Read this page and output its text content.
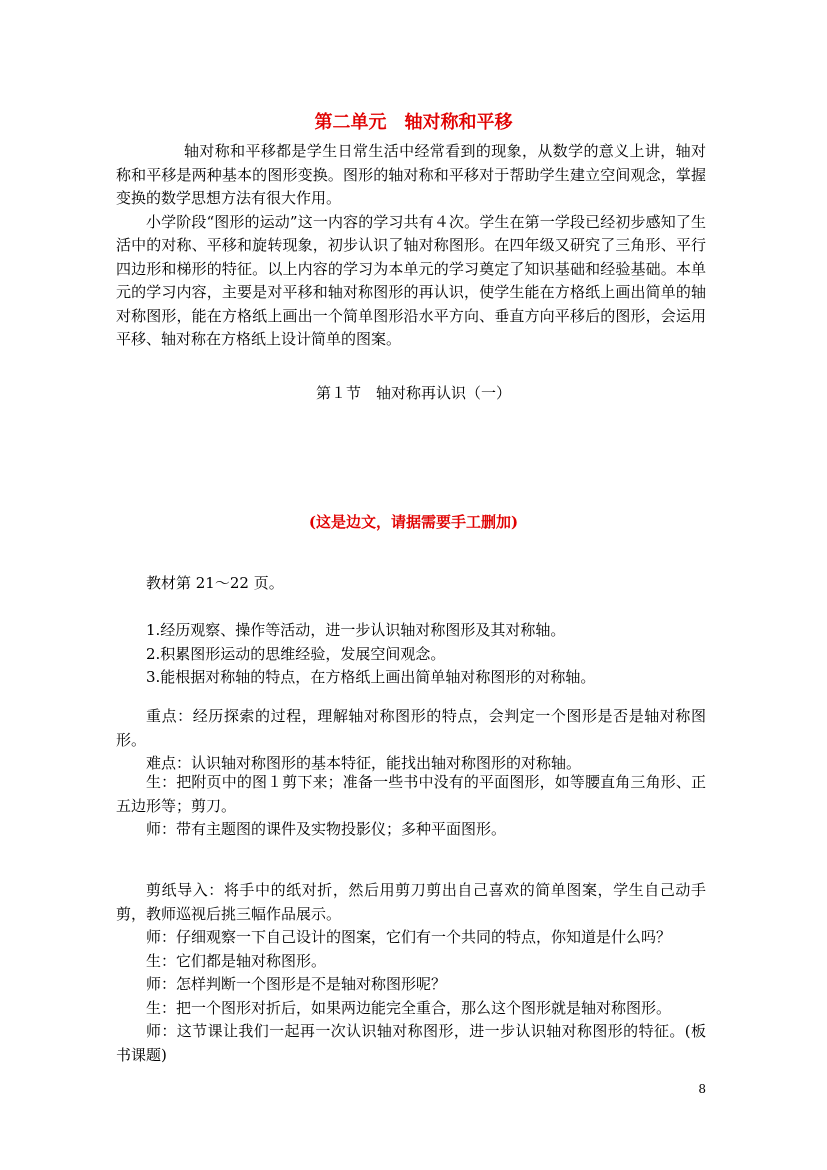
第二单元　轴对称和平移

轴对称和平移都是学生日常生活中经常看到的现象，从数学的意义上讲，轴对称和平移是两种基本的图形变换。图形的轴对称和平移对于帮助学生建立空间观念，掌握变换的数学思想方法有很大作用。

小学阶段“图形的运动”这一内容的学习共有４次。学生在第一学段已经初步感知了生活中的对称、平移和旋转现象，初步认识了轴对称图形。在四年级又研究了三角形、平行四边形和梯形的特征。以上内容的学习为本单元的学习奠定了知识基础和经验基础。本单元的学习内容，主要是对平移和轴对称图形的再认识，使学生能在方格纸上画出简单的轴对称图形，能在方格纸上画出一个简单图形沿水平方向、垂直方向平移后的图形，会运用平移、轴对称在方格纸上设计简单的图案。

第１节　轴对称再认识（一）
(这是边文，请据需要手工删加)

教材第 21～22 页。

1.经历观察、操作等活动，进一步认识轴对称图形及其对称轴。

2.积累图形运动的思维经验，发展空间观念。

3.能根据对称轴的特点，在方格纸上画出简单轴对称图形的对称轴。

重点：经历探索的过程，理解轴对称图形的特点，会判定一个图形是否是轴对称图形。

难点：认识轴对称图形的基本特征，能找出轴对称图形的对称轴。

生：把附页中的图１剪下来；准备一些书中没有的平面图形，如等腰直角三角形、正五边形等；剪刀。

师：带有主题图的课件及实物投影仪；多种平面图形。

剪纸导入：将手中的纸对折，然后用剪刀剪出自己喜欢的简单图案，学生自己动手剪，教师巡视后挑三幅作品展示。

师：仔细观察一下自己设计的图案，它们有一个共同的特点，你知道是什么吗？

生：它们都是轴对称图形。

师：怎样判断一个图形是不是轴对称图形呢？

生：把一个图形对折后，如果两边能完全重合，那么这个图形就是轴对称图形。

师：这节课让我们一起再一次认识轴对称图形，进一步认识轴对称图形的特征。(板书课题)

8
